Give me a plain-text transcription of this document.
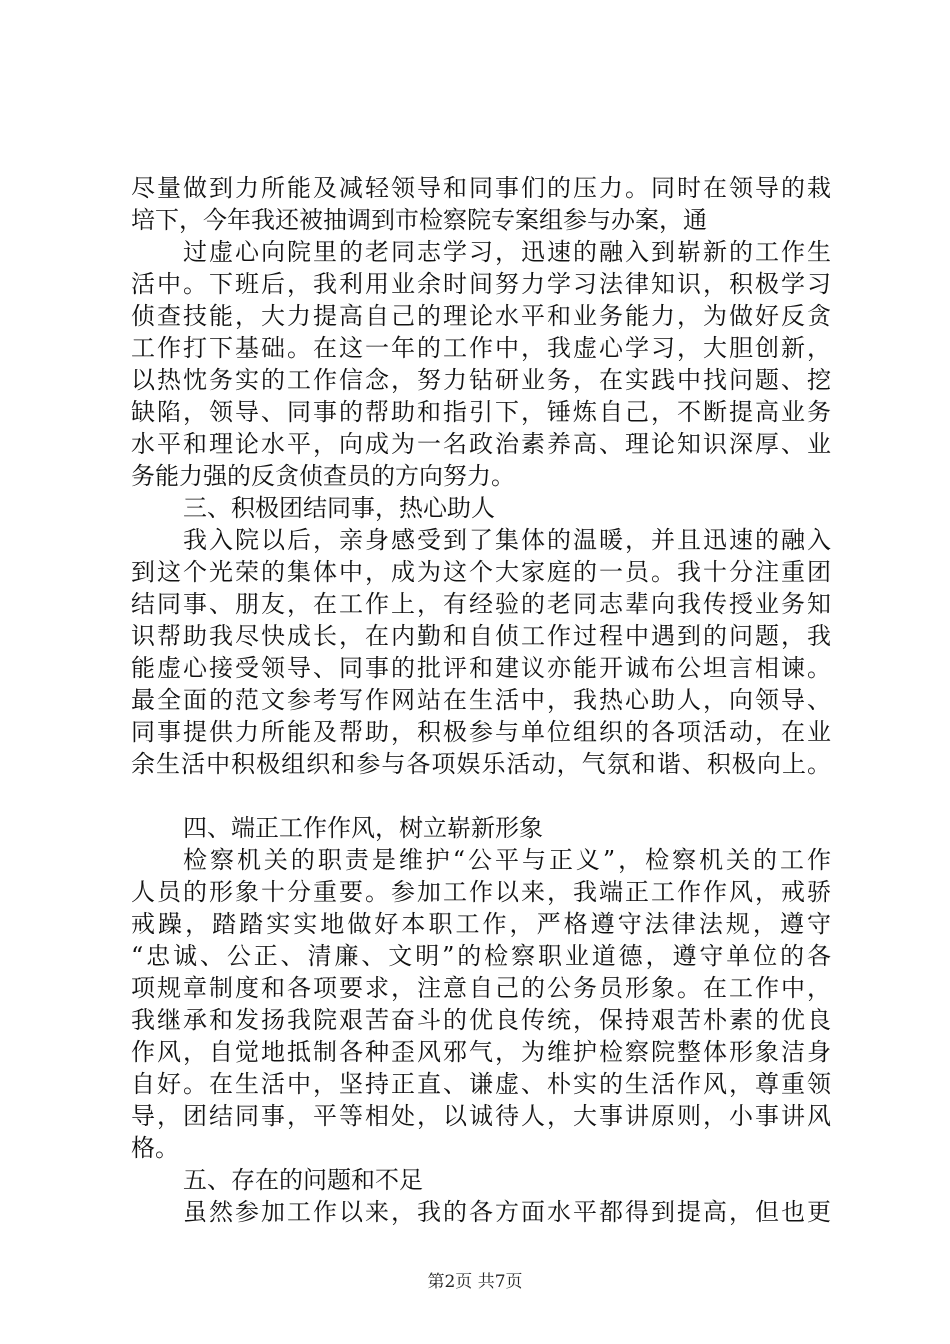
尽量做到力所能及减轻领导和同事们的压力。同时在领导的栽
培下，今年我还被抽调到市检察院专案组参与办案，通
过虚心向院里的老同志学习，迅速的融入到崭新的工作生
活中。下班后，我利用业余时间努力学习法律知识，积极学习
侦查技能，大力提高自己的理论水平和业务能力，为做好反贪
工作打下基础。在这一年的工作中，我虚心学习，大胆创新，
以热忱务实的工作信念，努力钻研业务，在实践中找问题、挖
缺陷，领导、同事的帮助和指引下，锤炼自己，不断提高业务
水平和理论水平，向成为一名政治素养高、理论知识深厚、业
务能力强的反贪侦查员的方向努力。
三、积极团结同事，热心助人
我入院以后，亲身感受到了集体的温暖，并且迅速的融入
到这个光荣的集体中，成为这个大家庭的一员。我十分注重团
结同事、朋友，在工作上，有经验的老同志辈向我传授业务知
识帮助我尽快成长，在内勤和自侦工作过程中遇到的问题，我
能虚心接受领导、同事的批评和建议亦能开诚布公坦言相谏。
最全面的范文参考写作网站在生活中，我热心助人，向领导、
同事提供力所能及帮助，积极参与单位组织的各项活动，在业
余生活中积极组织和参与各项娱乐活动，气氛和谐、积极向上。
四、端正工作作风，树立崭新形象
检察机关的职责是维护“公平与正义”，检察机关的工作
人员的形象十分重要。参加工作以来，我端正工作作风，戒骄
戒躁，踏踏实实地做好本职工作，严格遵守法律法规，遵守
“忠诚、公正、清廉、文明”的检察职业道德，遵守单位的各
项规章制度和各项要求，注意自己的公务员形象。在工作中，
我继承和发扬我院艰苦奋斗的优良传统，保持艰苦朴素的优良
作风，自觉地抵制各种歪风邪气，为维护检察院整体形象洁身
自好。在生活中，坚持正直、谦虚、朴实的生活作风，尊重领
导，团结同事，平等相处，以诚待人，大事讲原则，小事讲风
格。
五、存在的问题和不足
虽然参加工作以来，我的各方面水平都得到提高，但也更
第2页 共7页
